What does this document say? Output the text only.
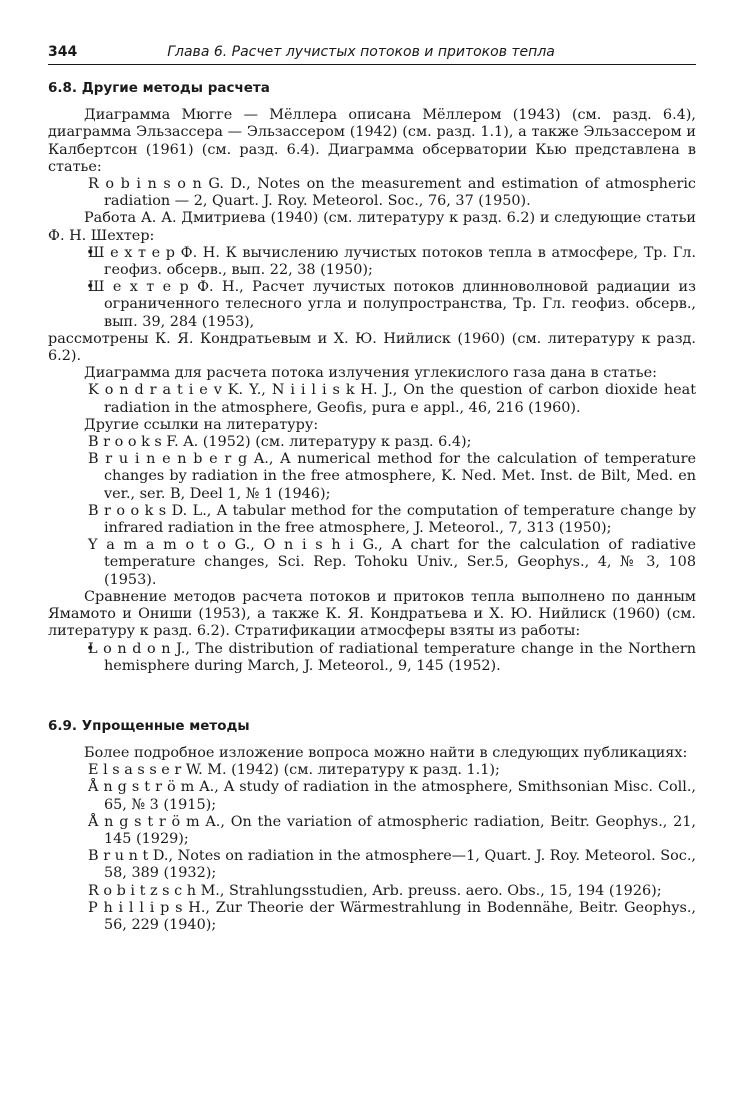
344	Глава 6. Расчет лучистых потоков и притоков тепла
6.8. Другие методы расчета

Диаграмма Мюгге — Мёллера описана Мёллером (1943) (см. разд. 6.4), диаграмма Эльзассера — Эльзассером (1942) (см. разд. 1.1), а также Эльзассером и Калбертсон (1961) (см. разд. 6.4). Диаграмма обсерватории Кью представлена в статье:

R o b i n s o n G. D., Notes on the measurement and estimation of atmospheric radiation — 2, Quart. J. Roy. Meteorol. Soc., 76, 37 (1950).

Работа А. А. Дмитриева (1940) (см. литературу к разд. 6.2) и следующие статьи Ф. Н. Шехтер:

• Ш е х т е р Ф. Н. К вычислению лучистых потоков тепла в атмосфере, Тр. Гл. геофиз. обсерв., вып. 22, 38 (1950);

• Ш е х т е р Ф. Н., Расчет лучистых потоков длинноволновой радиации из ограниченного телесного угла и полупространства, Тр. Гл. геофиз. обсерв., вып. 39, 284 (1953),

рассмотрены К. Я. Кондратьевым и Х. Ю. Нийлиск (1960) (см. литературу к разд. 6.2).

Диаграмма для расчета потока излучения углекислого газа дана в статье:

K o n d r a t i e v K. Y., N i i l i s k H. J., On the question of carbon dioxide heat radiation in the atmosphere, Geofis, pura e appl., 46, 216 (1960).

Другие ссылки на литературу:

B r o o k s F. A. (1952) (см. литературу к разд. 6.4);

B r u i n e n b e r g A., A numerical method for the calculation of temperature changes by radiation in the free atmosphere, K. Ned. Met. Inst. de Bilt, Med. en ver., ser. B, Deel 1, № 1 (1946);

B r o o k s D. L., A tabular method for the computation of temperature change by infrared radiation in the free atmosphere, J. Meteorol., 7, 313 (1950);

Y a m a m o t o G., O n i s h i G., A chart for the calculation of radiative temperature changes, Sci. Rep. Tohoku Univ., Ser.5, Geophys., 4, № 3, 108 (1953).

Сравнение методов расчета потоков и притоков тепла выполнено по данным Ямамото и Ониши (1953), а также К. Я. Кондратьева и Х. Ю. Нийлиск (1960) (см. литературу к разд. 6.2). Стратификации атмосферы взяты из работы:

• L o n d o n J., The distribution of radiational temperature change in the Northern hemisphere during March, J. Meteorol., 9, 145 (1952).

6.9. Упрощенные методы

Более подробное изложение вопроса можно найти в следующих публикациях:

E l s a s s e r W. M. (1942) (см. литературу к разд. 1.1);

Å n g s t r ö m A., A study of radiation in the atmosphere, Smithsonian Misc. Coll., 65, № 3 (1915);

Å n g s t r ö m A., On the variation of atmospheric radiation, Beitr. Geophys., 21, 145 (1929);

B r u n t D., Notes on radiation in the atmosphere—1, Quart. J. Roy. Meteorol. Soc., 58, 389 (1932);

R o b i t z s c h M., Strahlungsstudien, Arb. preuss. aero. Obs., 15, 194 (1926);

P h i l l i p s H., Zur Theorie der Wärmestrahlung in Bodennähe, Beitr. Geophys., 56, 229 (1940);
